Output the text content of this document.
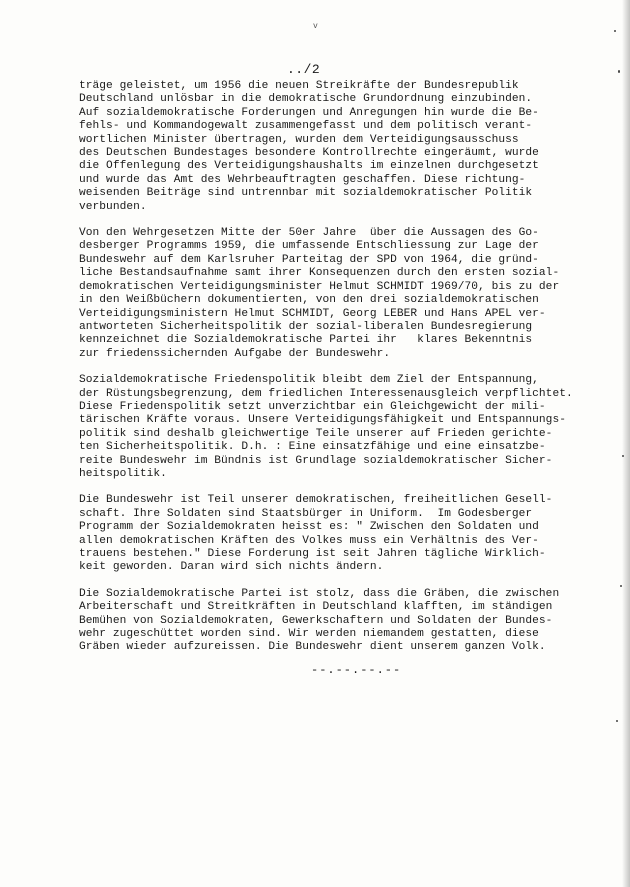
v
../2

träge geleistet, um 1956 die neuen Streikräfte der Bundesrepublik
Deutschland unlösbar in die demokratische Grundordnung einzubinden.
Auf sozialdemokratische Forderungen und Anregungen hin wurde die Be-
fehls- und Kommandogewalt zusammengefasst und dem politisch verant-
wortlichen Minister übertragen, wurden dem Verteidigungsausschuss
des Deutschen Bundestages besondere Kontrollrechte eingeräumt, wurde
die Offenlegung des Verteidigungshaushalts im einzelnen durchgesetzt
und wurde das Amt des Wehrbeauftragten geschaffen. Diese richtung-
weisenden Beiträge sind untrennbar mit sozialdemokratischer Politik
verbunden.

Von den Wehrgesetzen Mitte der 50er Jahre  über die Aussagen des Go-
desberger Programms 1959, die umfassende Entschliessung zur Lage der
Bundeswehr auf dem Karlsruher Parteitag der SPD von 1964, die gründ-
liche Bestandsaufnahme samt ihrer Konsequenzen durch den ersten sozial-
demokratischen Verteidigungsminister Helmut SCHMIDT 1969/70, bis zu der
in den Weißbüchern dokumentierten, von den drei sozialdemokratischen
Verteidigungsministern Helmut SCHMIDT, Georg LEBER und Hans APEL ver-
antworteten Sicherheitspolitik der sozial-liberalen Bundesregierung
kennzeichnet die Sozialdemokratische Partei ihr   klares Bekenntnis
zur friedenssichernden Aufgabe der Bundeswehr.

Sozialdemokratische Friedenspolitik bleibt dem Ziel der Entspannung,
der Rüstungsbegrenzung, dem friedlichen Interessenausgleich verpflichtet.
Diese Friedenspolitik setzt unverzichtbar ein Gleichgewicht der mili-
tärischen Kräfte voraus. Unsere Verteidigungsfähigkeit und Entspannungs-
politik sind deshalb gleichwertige Teile unserer auf Frieden gerichte-
ten Sicherheitspolitik. D.h. : Eine einsatzfähige und eine einsatzbe-
reite Bundeswehr im Bündnis ist Grundlage sozialdemokratischer Sicher-
heitspolitik.

Die Bundeswehr ist Teil unserer demokratischen, freiheitlichen Gesell-
schaft. Ihre Soldaten sind Staatsbürger in Uniform.  Im Godesberger
Programm der Sozialdemokraten heisst es: " Zwischen den Soldaten und
allen demokratischen Kräften des Volkes muss ein Verhältnis des Ver-
trauens bestehen." Diese Forderung ist seit Jahren tägliche Wirklich-
keit geworden. Daran wird sich nichts ändern.

Die Sozialdemokratische Partei ist stolz, dass die Gräben, die zwischen
Arbeiterschaft und Streitkräften in Deutschland klafften, im ständigen
Bemühen von Sozialdemokraten, Gewerkschaftern und Soldaten der Bundes-
wehr zugeschüttet worden sind. Wir werden niemandem gestatten, diese
Gräben wieder aufzureissen. Die Bundeswehr dient unserem ganzen Volk.

--.--.--.--
